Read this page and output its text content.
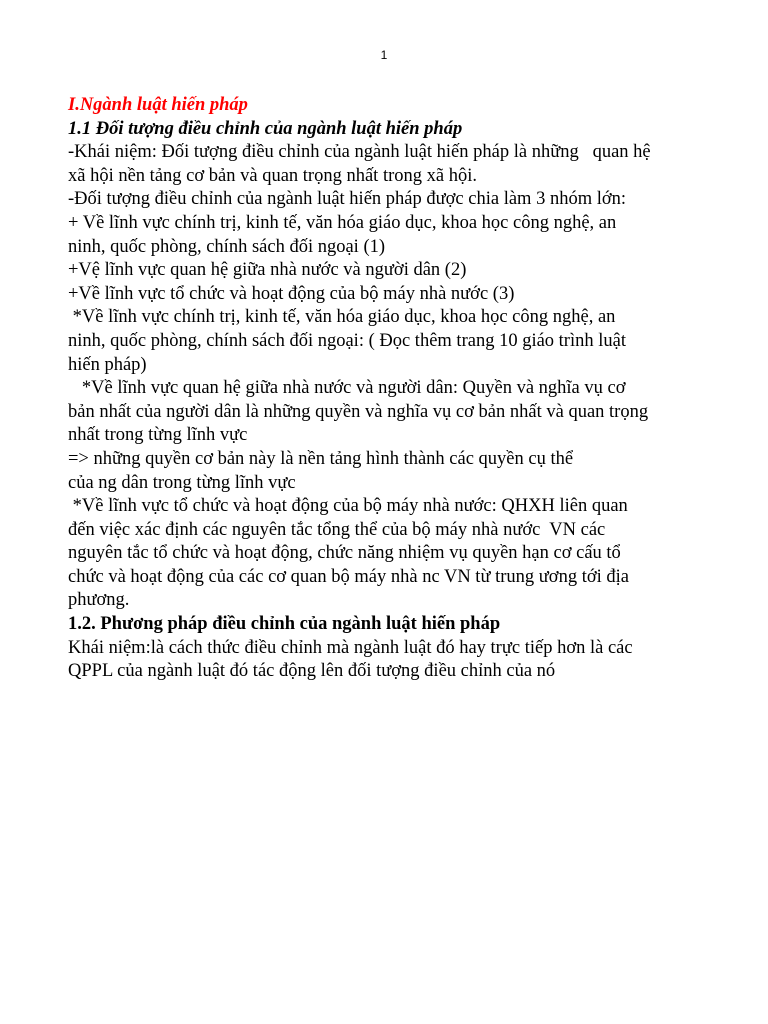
1
I.Ngành luật hiến pháp
1.1 Đối tượng điều chỉnh của ngành luật hiến pháp
-Khái niệm: Đối tượng điều chỉnh của ngành luật hiến pháp là những   quan hệ
xã hội nền tảng cơ bản và quan trọng nhất trong xã hội.
-Đối tượng điều chỉnh của ngành luật hiến pháp được chia làm 3 nhóm lớn:
+ Về lĩnh vực chính trị, kinh tế, văn hóa giáo dục, khoa học công nghệ, an
ninh, quốc phòng, chính sách đối ngoại (1)
+Vệ lĩnh vực quan hệ giữa nhà nước và người dân (2)
+Về lĩnh vực tổ chức và hoạt động của bộ máy nhà nước (3)
*Về lĩnh vực chính trị, kinh tế, văn hóa giáo dục, khoa học công nghệ, an
ninh, quốc phòng, chính sách đối ngoại: ( Đọc thêm trang 10 giáo trình luật
hiến pháp)
*Về lĩnh vực quan hệ giữa nhà nước và người dân: Quyền và nghĩa vụ cơ
bản nhất của người dân là những quyền và nghĩa vụ cơ bản nhất và quan trọng
nhất trong từng lĩnh vực
=> những quyền cơ bản này là nền tảng hình thành các quyền cụ thể
của ng dân trong từng lĩnh vực
*Về lĩnh vực tổ chức và hoạt động của bộ máy nhà nước: QHXH liên quan
đến việc xác định các nguyên tắc tổng thể của bộ máy nhà nước  VN các
nguyên tắc tổ chức và hoạt động, chức năng nhiệm vụ quyền hạn cơ cấu tổ
chức và hoạt động của các cơ quan bộ máy nhà nc VN từ trung ương tới địa
phương.
1.2. Phương pháp điều chỉnh của ngành luật hiến pháp
Khái niệm:là cách thức điều chỉnh mà ngành luật đó hay trực tiếp hơn là các
QPPL của ngành luật đó tác động lên đối tượng điều chỉnh của nó
